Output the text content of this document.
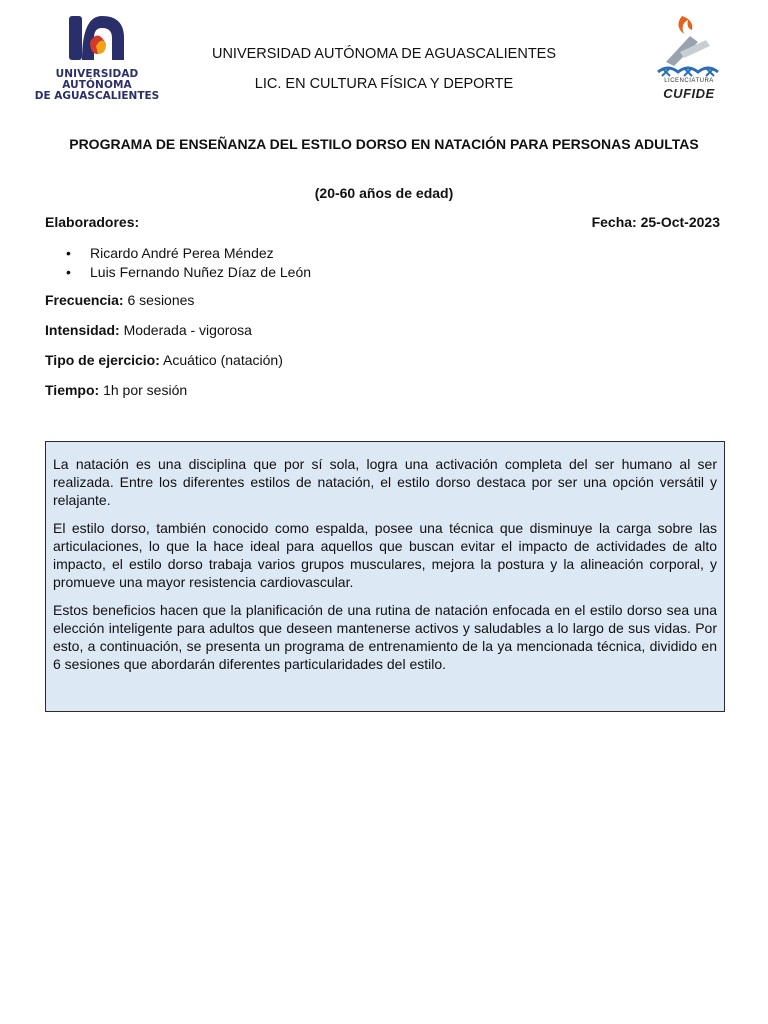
UNIVERSIDAD AUTÓNOMA
DE AGUASCALIENTES
UNIVERSIDAD AUTÓNOMA DE AGUASCALIENTES
LIC. EN CULTURA FÍSICA Y DEPORTE	LICENCIATURA
CUFIDE
PROGRAMA DE ENSEÑANZA DEL ESTILO DORSO EN NATACIÓN PARA PERSONAS ADULTAS
(20-60 años de edad)
Elaboradores:	Fecha: 25-Oct-2023
• Ricardo André Perea Méndez
• Luis Fernando Nuñez Díaz de León
Frecuencia: 6 sesiones
Intensidad: Moderada - vigorosa
Tipo de ejercicio: Acuático (natación)
Tiempo: 1h por sesión

La natación es una disciplina que por sí sola, logra una activación completa del ser humano al ser realizada. Entre los diferentes estilos de natación, el estilo dorso destaca por ser una opción versátil y relajante.

El estilo dorso, también conocido como espalda, posee una técnica que disminuye la carga sobre las articulaciones, lo que la hace ideal para aquellos que buscan evitar el impacto de actividades de alto impacto, el estilo dorso trabaja varios grupos musculares, mejora la postura y la alineación corporal, y promueve una mayor resistencia cardiovascular.

Estos beneficios hacen que la planificación de una rutina de natación enfocada en el estilo dorso sea una elección inteligente para adultos que deseen mantenerse activos y saludables a lo largo de sus vidas. Por esto, a continuación, se presenta un programa de entrenamiento de la ya mencionada técnica, dividido en 6 sesiones que abordarán diferentes particularidades del estilo.
